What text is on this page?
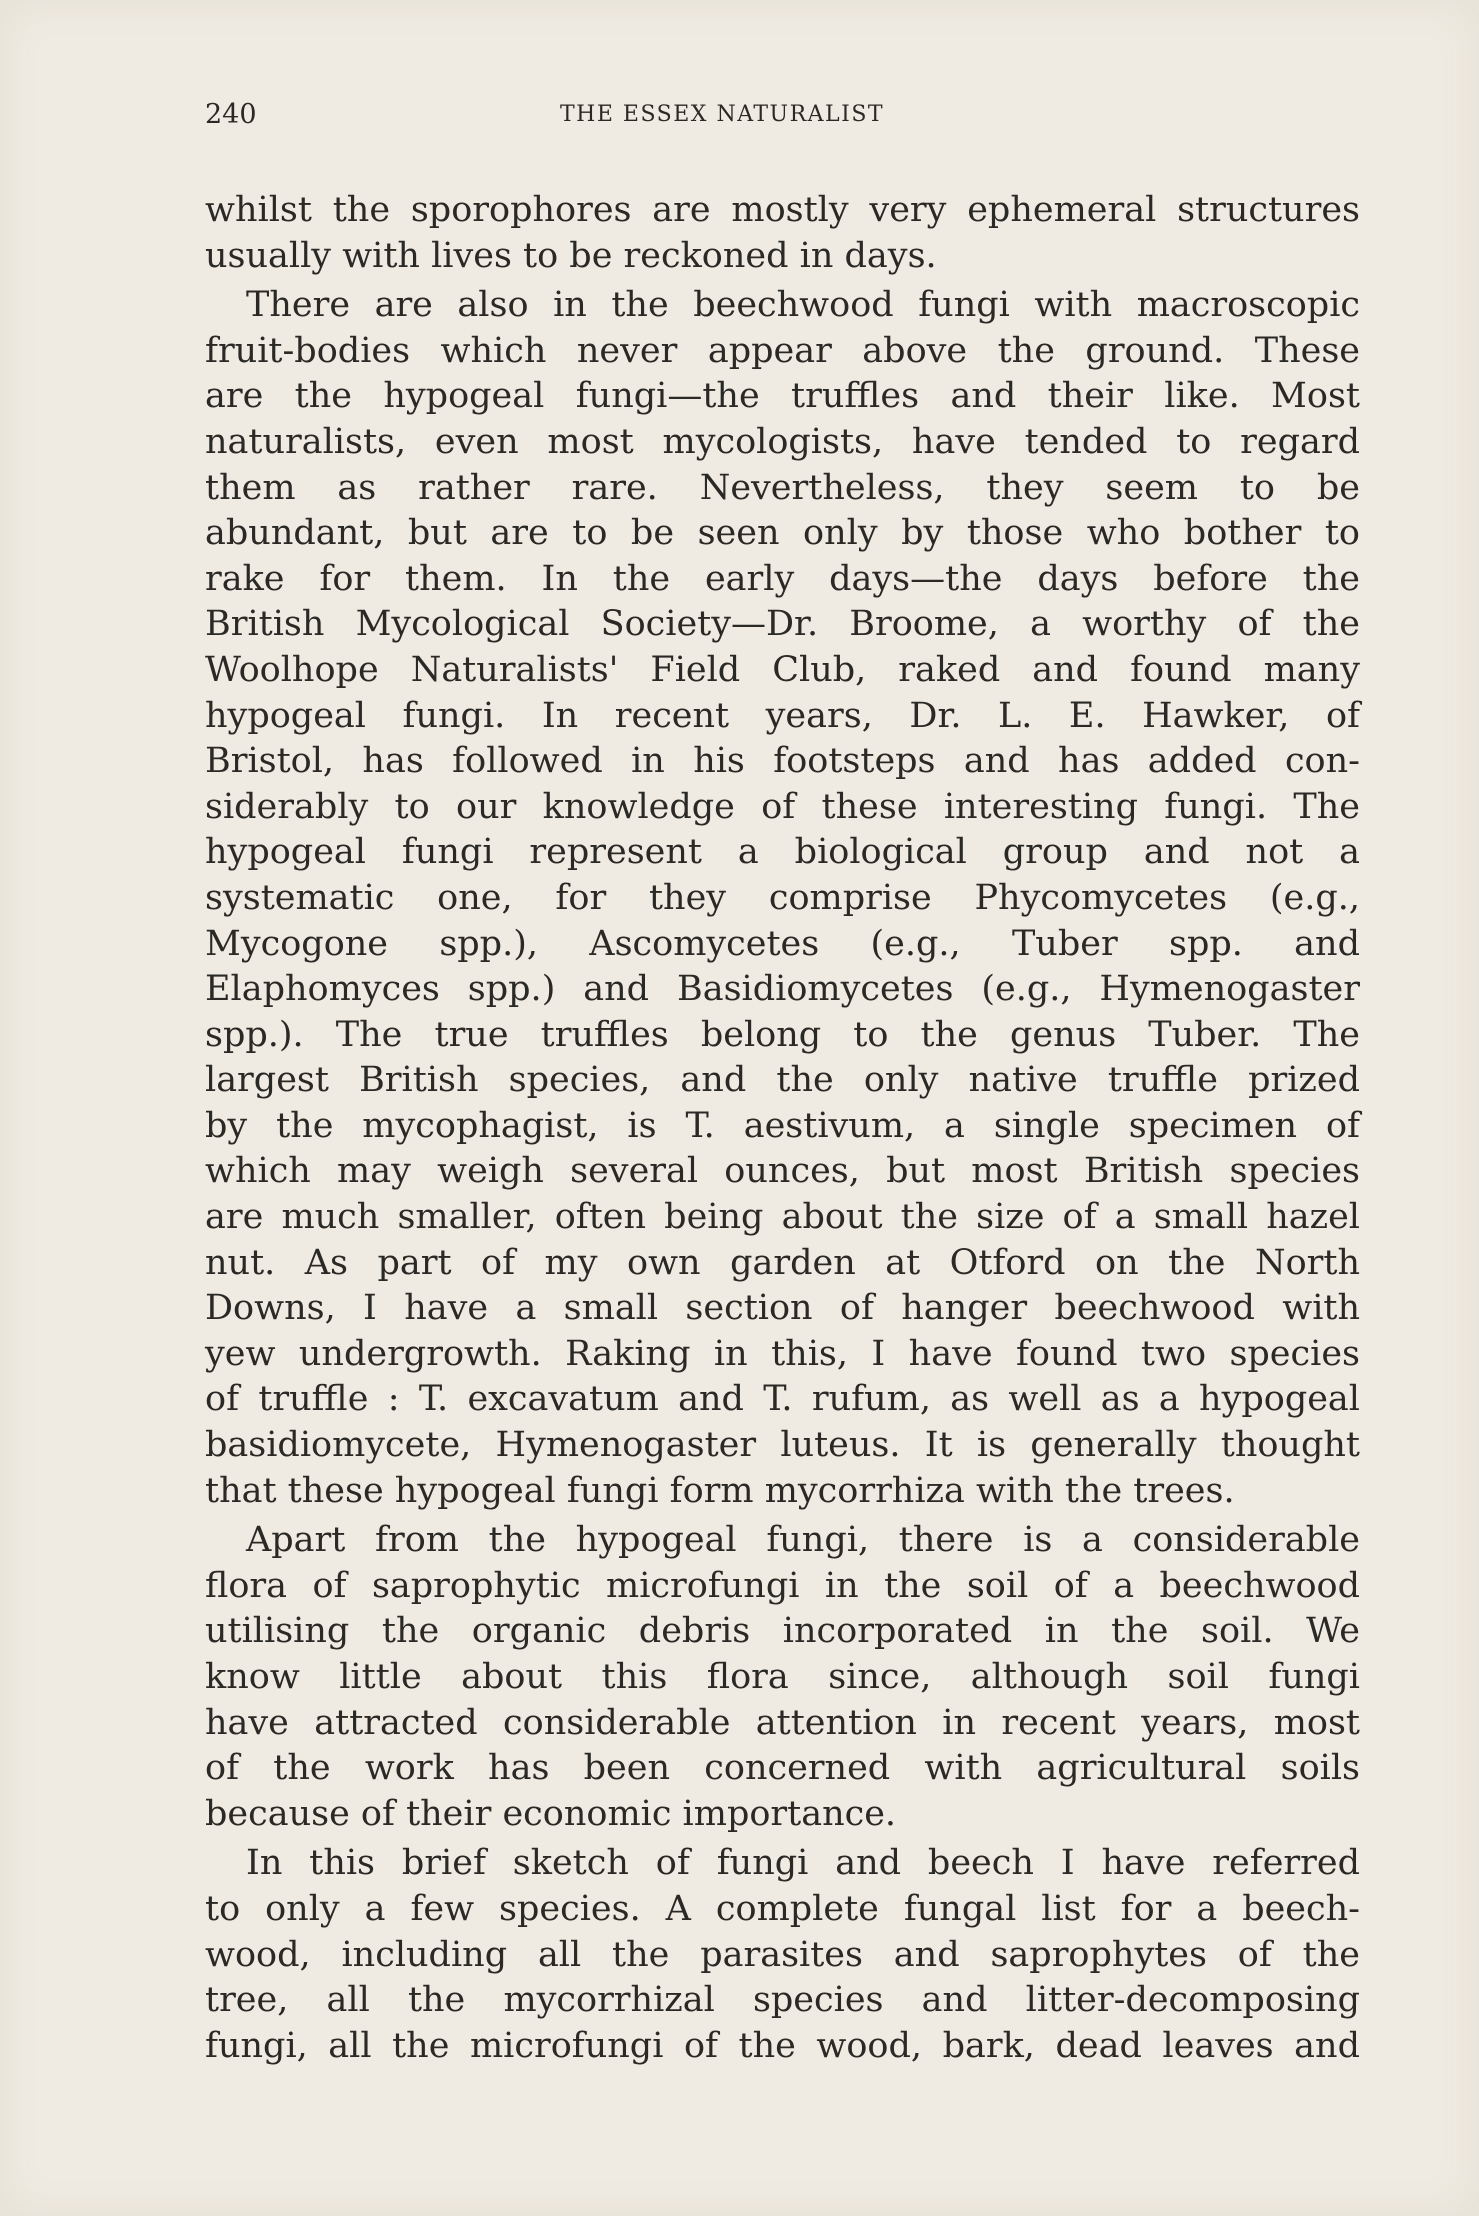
240	THE ESSEX NATURALIST

whilst the sporophores are mostly very ephemeral structures
usually with lives to be reckoned in days.

There are also in the beechwood fungi with macroscopic
fruit-bodies which never appear above the ground. These
are the hypogeal fungi—the truffles and their like. Most
naturalists, even most mycologists, have tended to regard
them as rather rare. Nevertheless, they seem to be
abundant, but are to be seen only by those who bother to
rake for them. In the early days—the days before the
British Mycological Society—Dr. Broome, a worthy of the
Woolhope Naturalists' Field Club, raked and found many
hypogeal fungi. In recent years, Dr. L. E. Hawker, of
Bristol, has followed in his footsteps and has added con-
siderably to our knowledge of these interesting fungi. The
hypogeal fungi represent a biological group and not a
systematic one, for they comprise Phycomycetes (e.g.,
Mycogone spp.), Ascomycetes (e.g., Tuber spp. and
Elaphomyces spp.) and Basidiomycetes (e.g., Hymenogaster
spp.). The true truffles belong to the genus Tuber. The
largest British species, and the only native truffle prized
by the mycophagist, is T. aestivum, a single specimen of
which may weigh several ounces, but most British species
are much smaller, often being about the size of a small hazel
nut. As part of my own garden at Otford on the North
Downs, I have a small section of hanger beechwood with
yew undergrowth. Raking in this, I have found two species
of truffle : T. excavatum and T. rufum, as well as a hypogeal
basidiomycete, Hymenogaster luteus. It is generally thought
that these hypogeal fungi form mycorrhiza with the trees.

Apart from the hypogeal fungi, there is a considerable
flora of saprophytic microfungi in the soil of a beechwood
utilising the organic debris incorporated in the soil. We
know little about this flora since, although soil fungi
have attracted considerable attention in recent years, most
of the work has been concerned with agricultural soils
because of their economic importance.

In this brief sketch of fungi and beech I have referred
to only a few species. A complete fungal list for a beech-
wood, including all the parasites and saprophytes of the
tree, all the mycorrhizal species and litter-decomposing
fungi, all the microfungi of the wood, bark, dead leaves and
